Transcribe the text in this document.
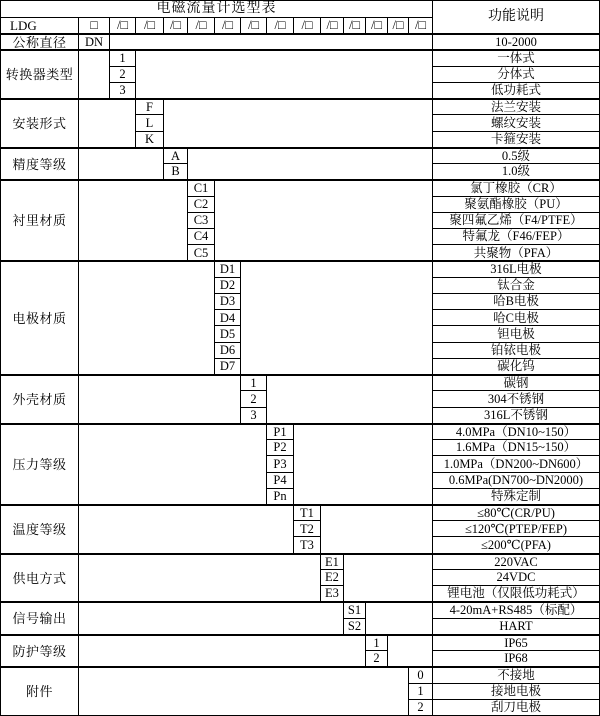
电磁流量计选型表
功能说明
LDG	□	/□	/□	/□	/□	/□	/□	/□	/□	/□ /□ /□ /□ /□
公称直径	DN	10-2000
转换器类型
1	一体式
2	分体式
3	低功耗式
安装形式
F	法兰安装
L	螺纹安装
K	卡箍安装
精度等级
A	0.5级
B	1.0级
衬里材质
C1	氯丁橡胶（CR）
C2	聚氨酯橡胶（PU）
C3	聚四氟乙烯（F4/PTFE）
C4	特氟龙（F46/FEP）
C5	共聚物（PFA）
电极材质
D1	316L电极
D2	钛合金
D3	哈B电极
D4	哈C电极
D5	钽电极
D6	铂铱电极
D7	碳化钨
外壳材质
1	碳钢
2	304不锈钢
3	316L不锈钢
压力等级
P1	4.0MPa（DN10~150）
P2	1.6MPa（DN15~150）
P3	1.0MPa（DN200~DN600）
P4	0.6MPa(DN700~DN2000)
Pn	特殊定制
温度等级
T1	≤80℃(CR/PU)
T2	≤120℃(PTEP/FEP)
T3	≤200℃(PFA)
供电方式
E1	220VAC
E2	24VDC
E3	锂电池（仅限低功耗式）
信号输出
S1	4-20mA+RS485（标配）
S2	HART
防护等级
1	IP65
2	IP68
附件
0	不接地
1	接地电极
2	刮刀电极
